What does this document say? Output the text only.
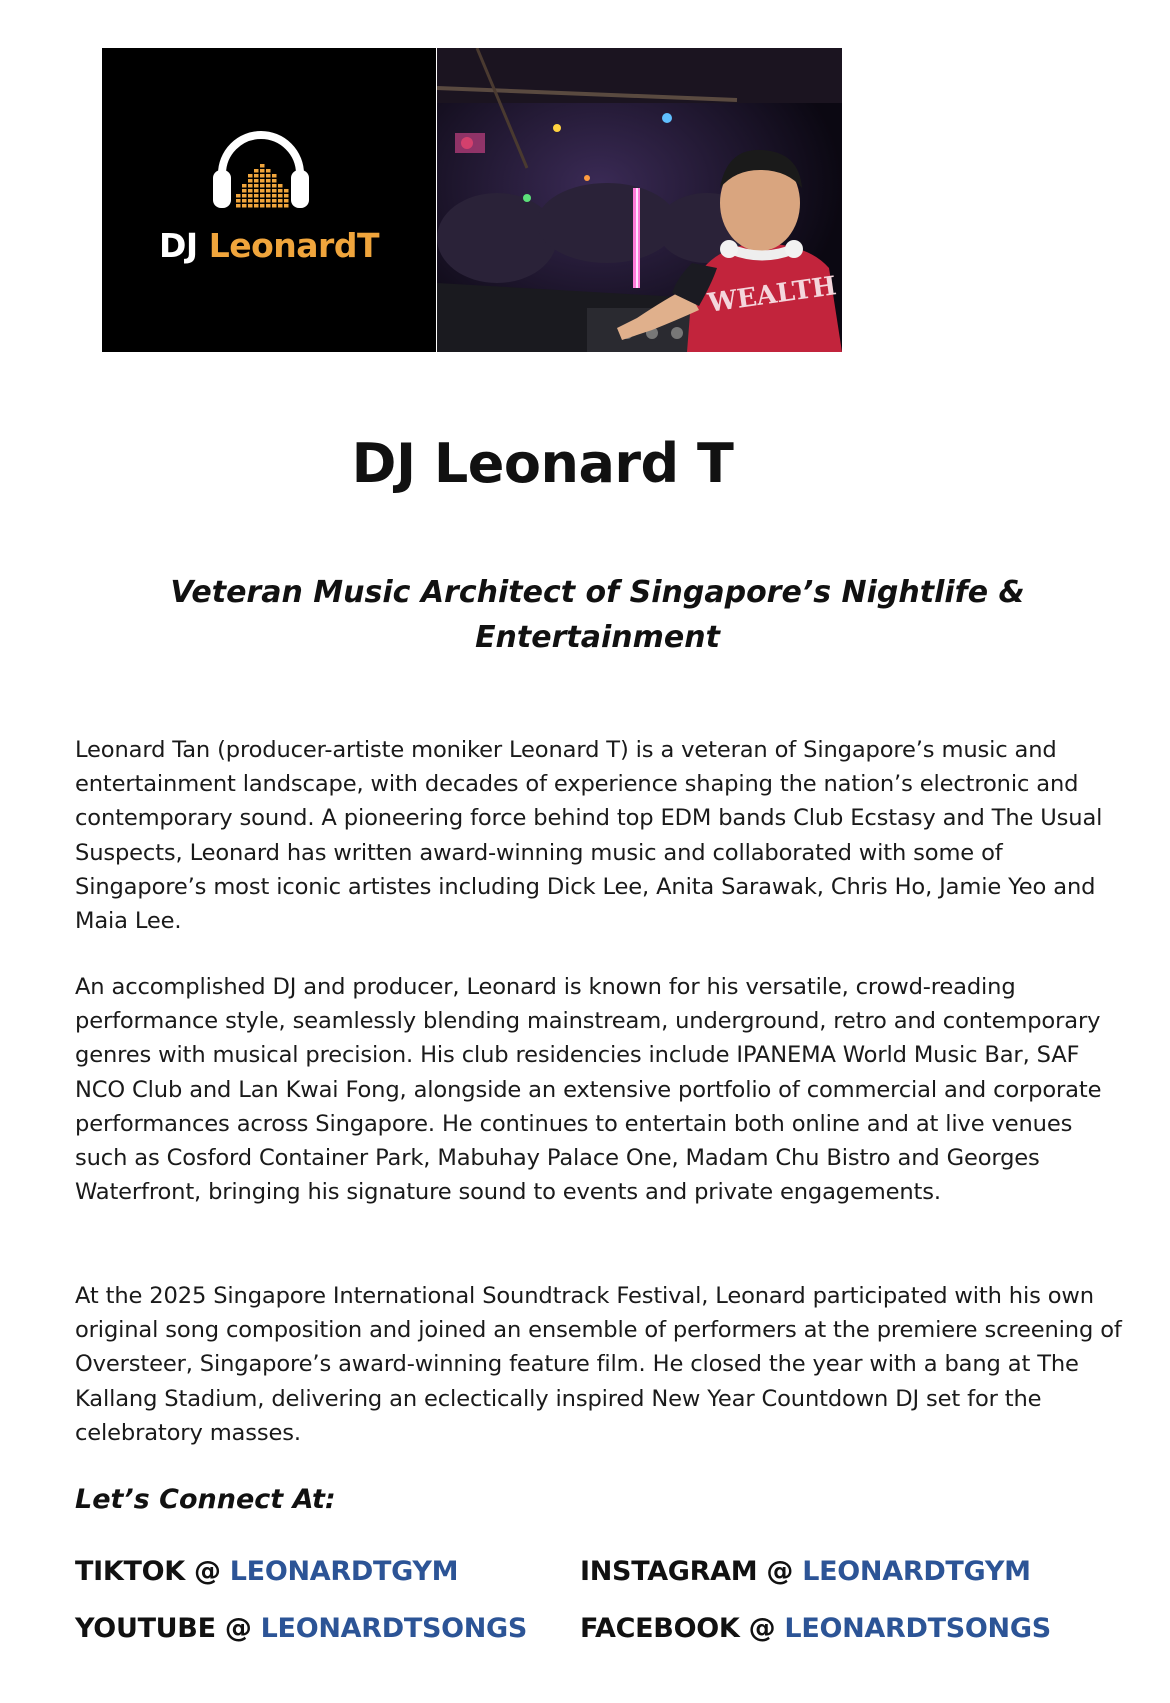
DJ LeonardT
WEALTH
DJ Leonard T
Veteran Music Architect of Singapore’s Nightlife & Entertainment

Leonard Tan (producer-artiste moniker Leonard T) is a veteran of Singapore’s music and entertainment landscape, with decades of experience shaping the nation’s electronic and contemporary sound. A pioneering force behind top EDM bands Club Ecstasy and The Usual Suspects, Leonard has written award-winning music and collaborated with some of Singapore’s most iconic artistes including Dick Lee, Anita Sarawak, Chris Ho, Jamie Yeo and Maia Lee.

An accomplished DJ and producer, Leonard is known for his versatile, crowd-reading performance style, seamlessly blending mainstream, underground, retro and contemporary genres with musical precision. His club residencies include IPANEMA World Music Bar, SAF NCO Club and Lan Kwai Fong, alongside an extensive portfolio of commercial and corporate performances across Singapore. He continues to entertain both online and at live venues such as Cosford Container Park, Mabuhay Palace One, Madam Chu Bistro and Georges Waterfront, bringing his signature sound to events and private engagements.

At the 2025 Singapore International Soundtrack Festival, Leonard participated with his own original song composition and joined an ensemble of performers at the premiere screening of Oversteer, Singapore’s award-winning feature film. He closed the year with a bang at The Kallang Stadium, delivering an eclectically inspired New Year Countdown DJ set for the celebratory masses.

Let’s Connect At:
TIKTOK @ LEONARDTGYM	INSTAGRAM @ LEONARDTGYM
YOUTUBE @ LEONARDTSONGS FACEBOOK @ LEONARDTSONGS
